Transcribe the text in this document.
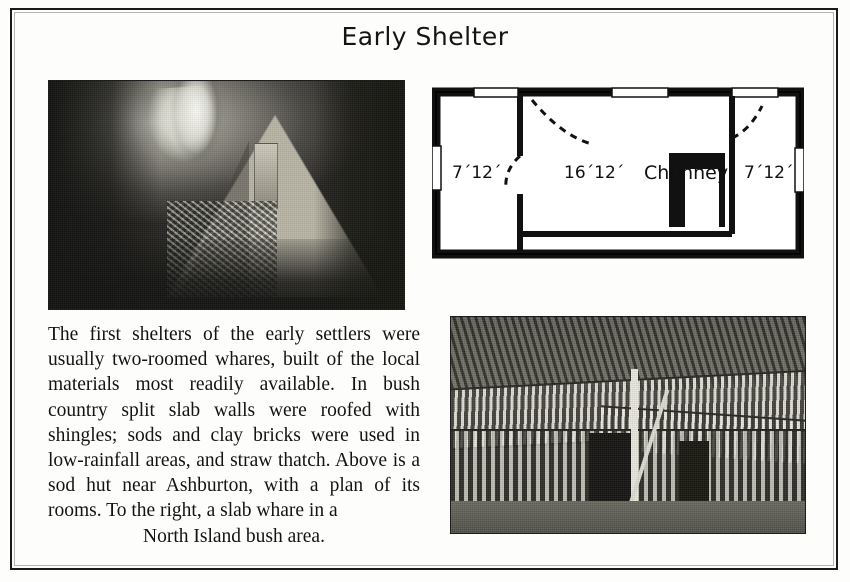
Early Shelter
7´12´	16´12´ Chimney 7´12´

The first shelters of the early settlers were usually two-roomed whares, built of the local materials most readily available. In bush country split slab walls were roofed with shingles; sods and clay bricks were used in low-rainfall areas, and straw thatch. Above is a sod hut near Ashburton, with a plan of its rooms. To the right, a slab whare in a

North Island bush area.
